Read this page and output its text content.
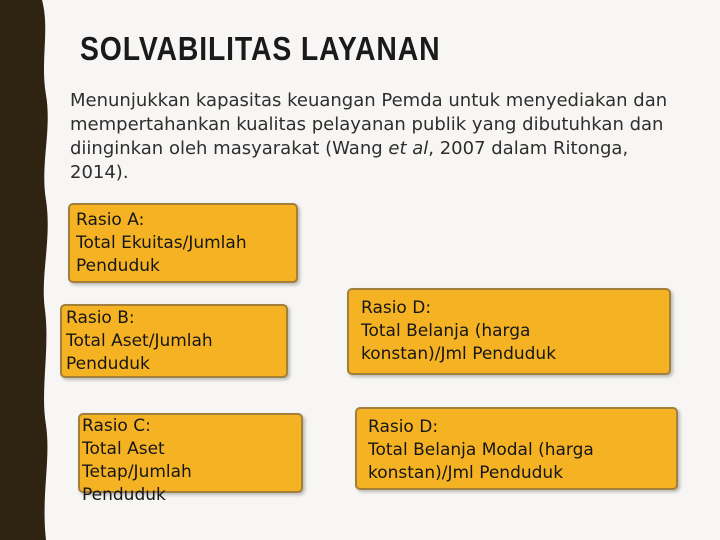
SOLVABILITAS LAYANAN
Menunjukkan kapasitas keuangan Pemda untuk menyediakan dan mempertahankan kualitas pelayanan publik yang dibutuhkan dan diinginkan oleh masyarakat (Wang et al, 2007 dalam Ritonga, 2014).
Rasio A:
Total Ekuitas/Jumlah
Penduduk
Rasio B:
Total Aset/Jumlah
Penduduk
Rasio C:
Total Aset
Tetap/Jumlah
Penduduk
Rasio D:
Total Belanja (harga
konstan)/Jml Penduduk
Rasio D:
Total Belanja Modal (harga
konstan)/Jml Penduduk
